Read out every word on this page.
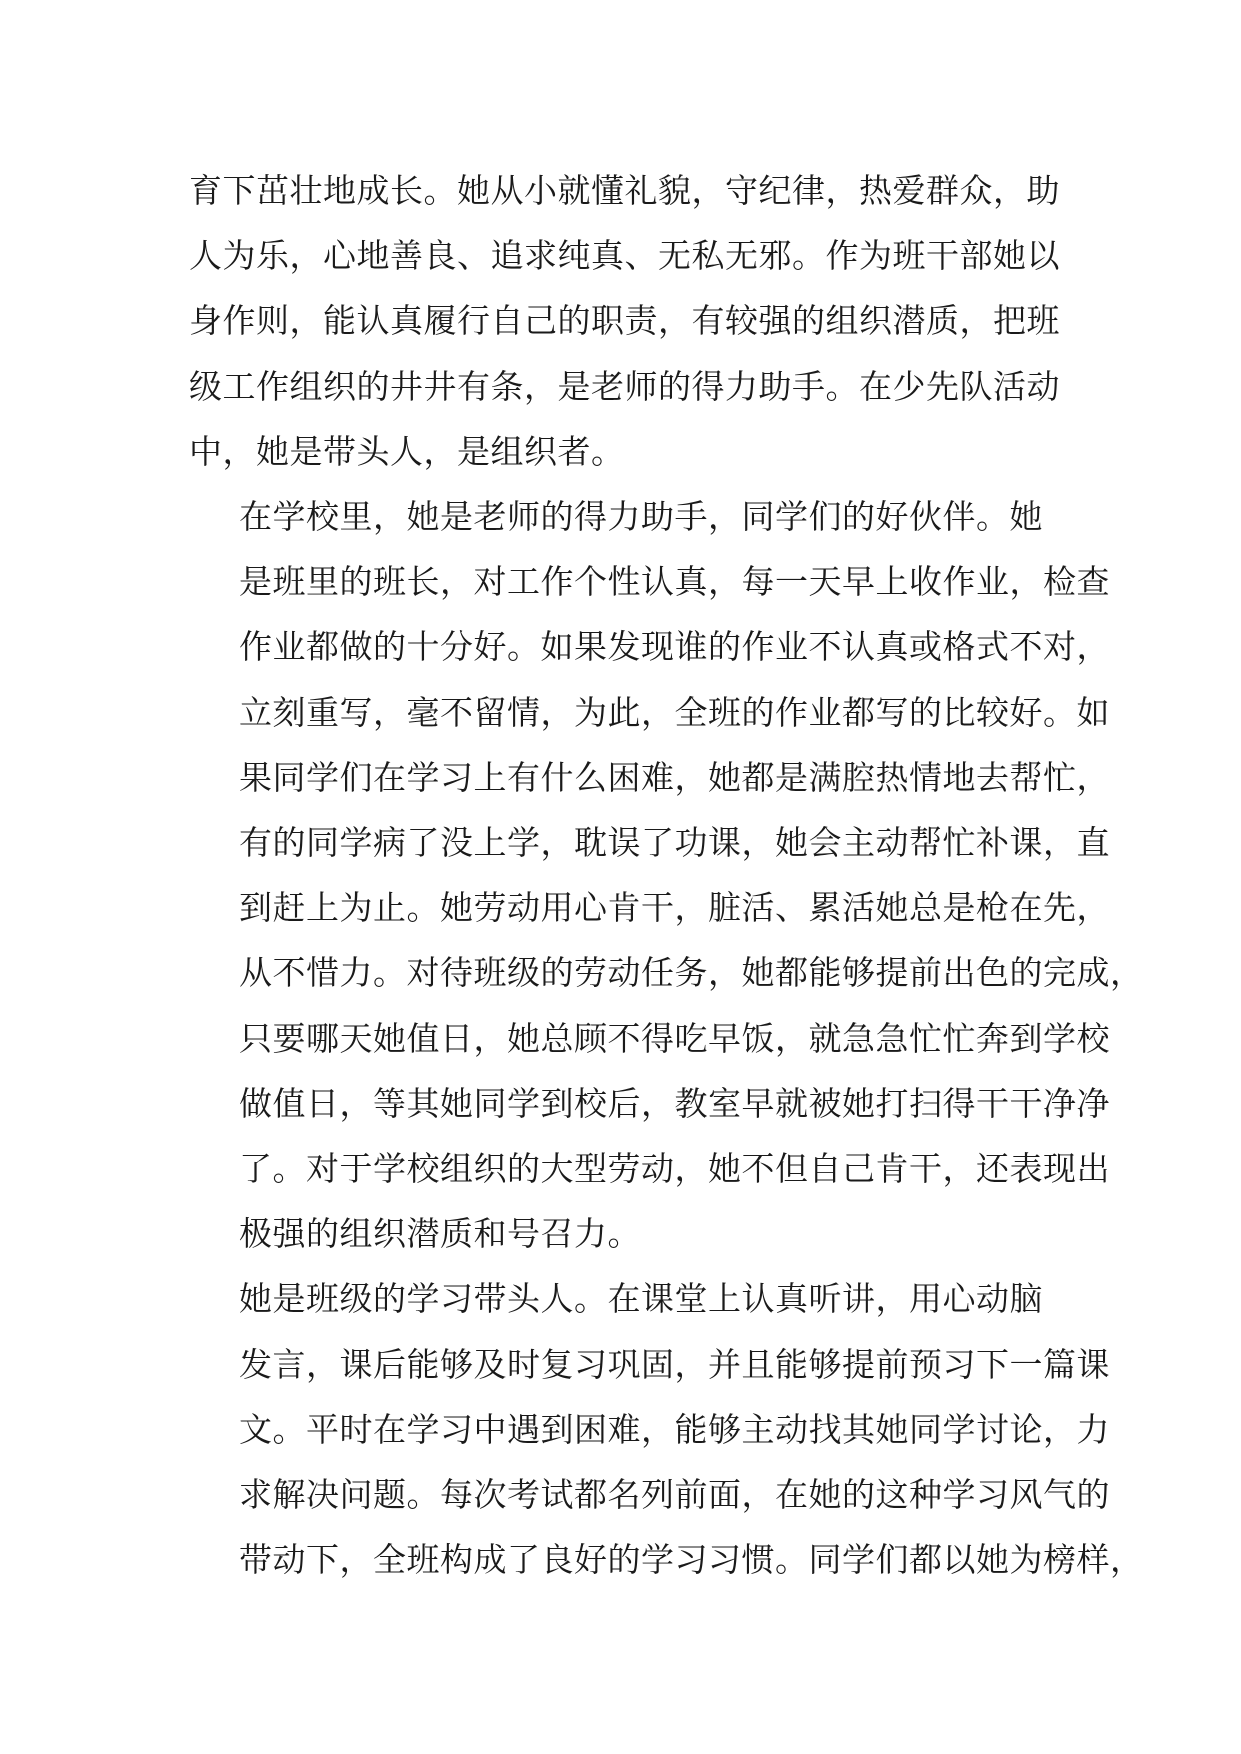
育下茁壮地成长。她从小就懂礼貌，守纪律，热爱群众，助
人为乐，心地善良、追求纯真、无私无邪。作为班干部她以
身作则，能认真履行自己的职责，有较强的组织潜质，把班
级工作组织的井井有条，是老师的得力助手。在少先队活动
中，她是带头人，是组织者。

在学校里，她是老师的得力助手，同学们的好伙伴。她
是班里的班长，对工作个性认真，每一天早上收作业，检查
作业都做的十分好。如果发现谁的作业不认真或格式不对，
立刻重写，毫不留情，为此，全班的作业都写的比较好。如
果同学们在学习上有什么困难，她都是满腔热情地去帮忙，
有的同学病了没上学，耽误了功课，她会主动帮忙补课，直
到赶上为止。她劳动用心肯干，脏活、累活她总是枪在先，
从不惜力。对待班级的劳动任务，她都能够提前出色的完成，
只要哪天她值日，她总顾不得吃早饭，就急急忙忙奔到学校
做值日，等其她同学到校后，教室早就被她打扫得干干净净
了。对于学校组织的大型劳动，她不但自己肯干，还表现出
极强的组织潜质和号召力。

她是班级的学习带头人。在课堂上认真听讲，用心动脑
发言，课后能够及时复习巩固，并且能够提前预习下一篇课
文。平时在学习中遇到困难，能够主动找其她同学讨论，力
求解决问题。每次考试都名列前面，在她的这种学习风气的
带动下，全班构成了良好的学习习惯。同学们都以她为榜样，
